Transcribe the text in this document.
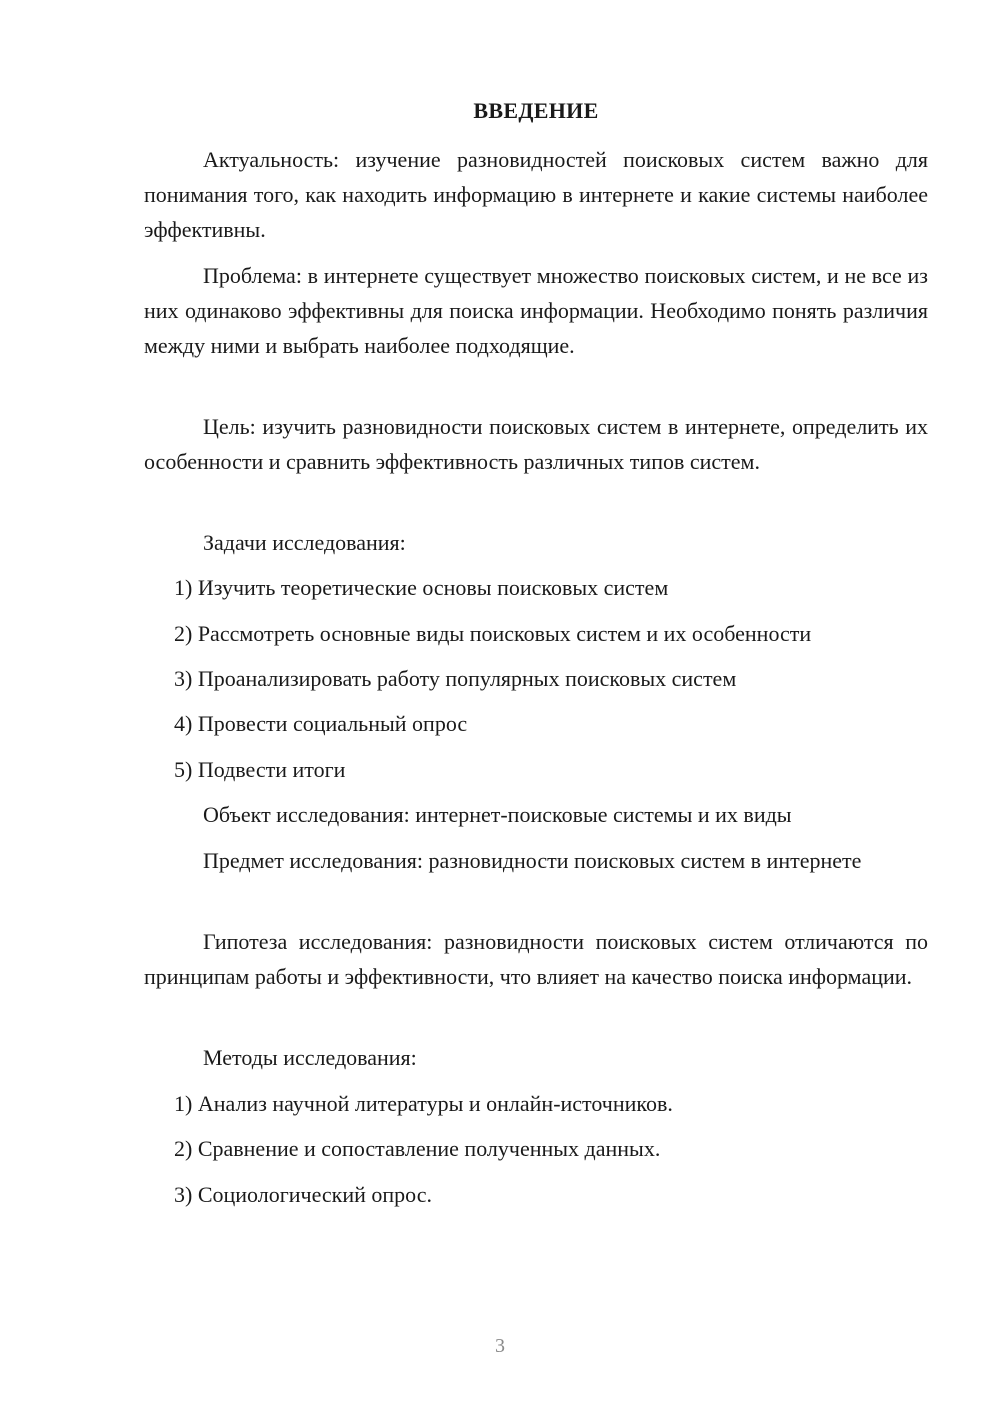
ВВЕДЕНИЕ
Актуальность: изучение разновидностей поисковых систем важно для понимания того, как находить информацию в интернете и какие системы наиболее эффективны.
Проблема: в интернете существует множество поисковых систем, и не все из них одинаково эффективны для поиска информации. Необходимо понять различия между ними и выбрать наиболее подходящие.
Цель: изучить разновидности поисковых систем в интернете, определить их особенности и сравнить эффективность различных типов систем.
Задачи исследования:
1) Изучить теоретические основы поисковых систем
2) Рассмотреть основные виды поисковых систем и их особенности
3) Проанализировать работу популярных поисковых систем
4) Провести социальный опрос
5) Подвести итоги
Объект исследования: интернет-поисковые системы и их виды
Предмет исследования: разновидности поисковых систем в интернете
Гипотеза исследования: разновидности поисковых систем отличаются по принципам работы и эффективности, что влияет на качество поиска информации.
Методы исследования:
1) Анализ научной литературы и онлайн-источников.
2) Сравнение и сопоставление полученных данных.
3) Социологический опрос.
3
